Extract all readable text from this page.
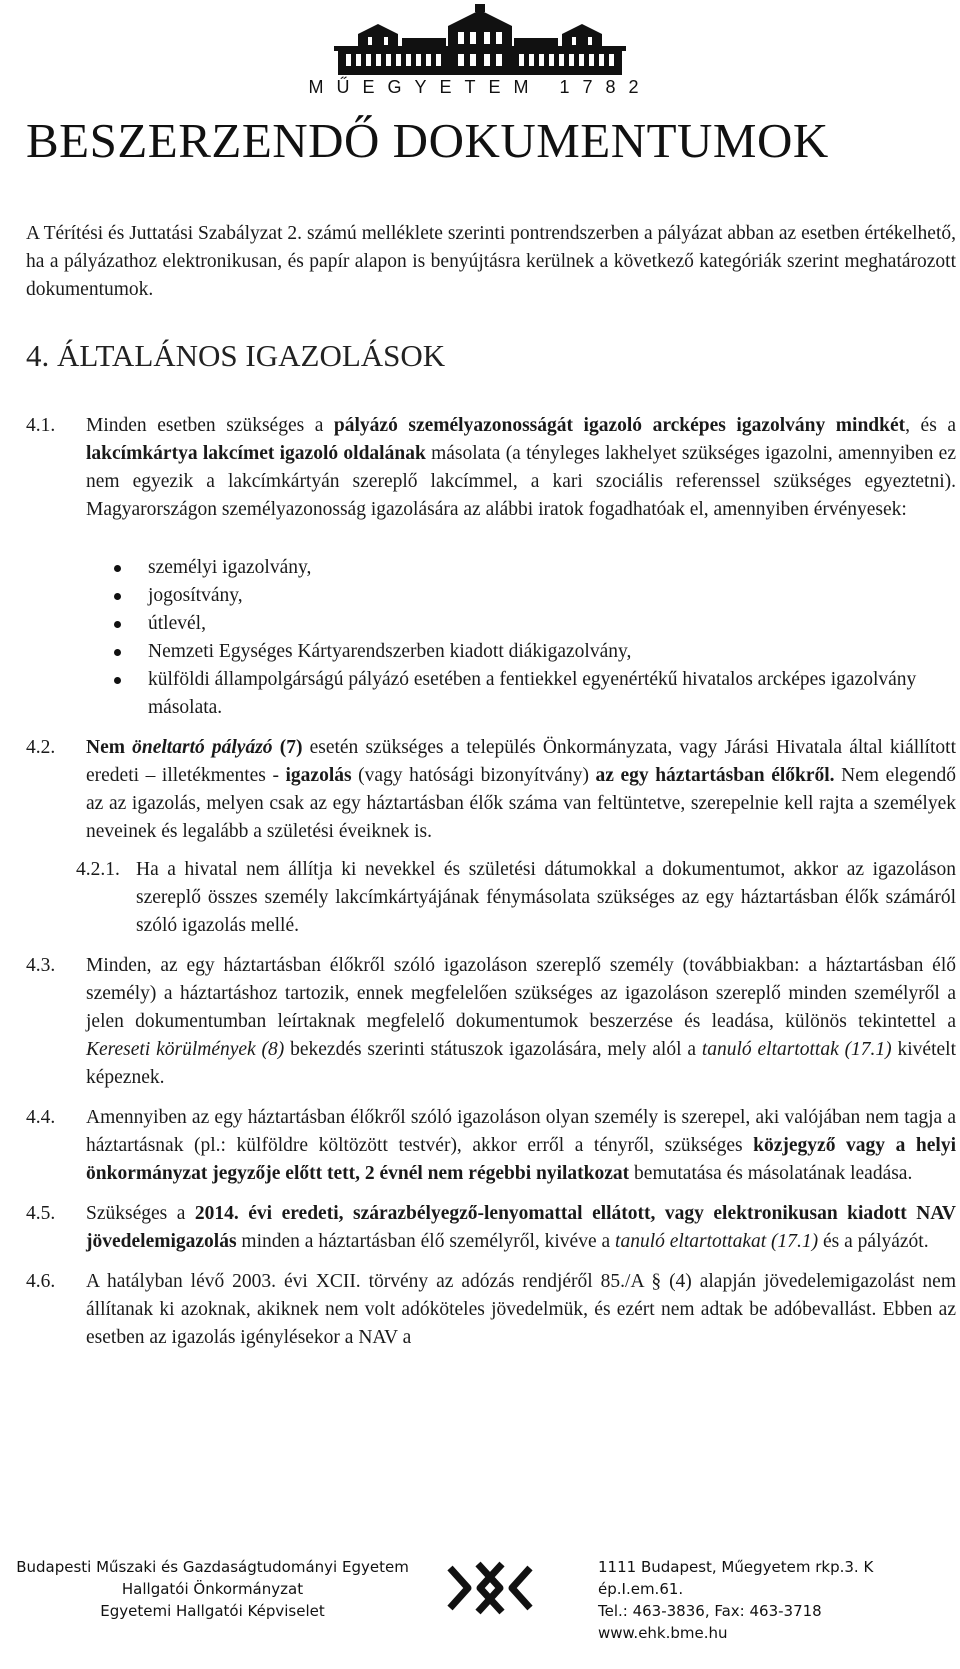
MŰEGYETEM 1782
BESZERZENDŐ DOKUMENTUMOK

A Térítési és Juttatási Szabályzat 2. számú melléklete szerinti pontrendszerben a pályázat abban az esetben értékelhető, ha a pályázathoz elektronikusan, és papír alapon is benyújtásra kerülnek a következő kategóriák szerint meghatározott dokumentumok.

4. ÁLTALÁNOS IGAZOLÁSOK
4.1.	Minden esetben szükséges a pályázó személyazonosságát igazoló arcképes igazolvány mindkét, és a lakcímkártya lakcímet igazoló oldalának másolata (a tényleges lakhelyet szükséges igazolni, amennyiben ez nem egyezik a lakcímkártyán szereplő lakcímmel, a kari szociális referenssel szükséges egyeztetni). Magyarországon személyazonosság igazolására az alábbi iratok fogadhatóak el, amennyiben érvényesek:
személyi igazolvány,
jogosítvány,
útlevél,
Nemzeti Egységes Kártyarendszerben kiadott diákigazolvány,
külföldi állampolgárságú pályázó esetében a fentiekkel egyenértékű hivatalos arcképes igazolvány másolata.
4.2.	Nem öneltartó pályázó (7) esetén szükséges a település Önkormányzata, vagy Járási Hivatala által kiállított eredeti – illetékmentes - igazolás (vagy hatósági bizonyítvány) az egy háztartásban élőkről. Nem elegendő az az igazolás, melyen csak az egy háztartásban élők száma van feltüntetve, szerepelnie kell rajta a személyek neveinek és legalább a születési éveiknek is.
4.2.1. Ha a hivatal nem állítja ki nevekkel és születési dátumokkal a dokumentumot, akkor az igazoláson szereplő összes személy lakcímkártyájának fénymásolata szükséges az egy háztartásban élők számáról szóló igazolás mellé.
4.3.	Minden, az egy háztartásban élőkről szóló igazoláson szereplő személy (továbbiakban: a háztartásban élő személy) a háztartáshoz tartozik, ennek megfelelően szükséges az igazoláson szereplő minden személyről a jelen dokumentumban leírtaknak megfelelő dokumentumok beszerzése és leadása, különös tekintettel a Kereseti körülmények (8) bekezdés szerinti státuszok igazolására, mely alól a tanuló eltartottak (17.1) kivételt képeznek.
4.4.	Amennyiben az egy háztartásban élőkről szóló igazoláson olyan személy is szerepel, aki valójában nem tagja a háztartásnak (pl.: külföldre költözött testvér), akkor erről a tényről, szükséges közjegyző vagy a helyi önkormányzat jegyzője előtt tett, 2 évnél nem régebbi nyilatkozat bemutatása és másolatának leadása.
4.5.	Szükséges a 2014. évi eredeti, szárazbélyegző-lenyomattal ellátott, vagy elektronikusan kiadott NAV jövedelemigazolás minden a háztartásban élő személyről, kivéve a tanuló eltartottakat (17.1) és a pályázót.
4.6.	A hatályban lévő 2003. évi XCII. törvény az adózás rendjéről 85./A § (4) alapján jövedelemigazolást nem állítanak ki azoknak, akiknek nem volt adóköteles jövedelmük, és ezért nem adtak be adóbevallást. Ebben az esetben az igazolás igénylésekor a NAV a
Budapesti Műszaki és Gazdaságtudományi Egyetem
Hallgatói Önkormányzat
Egyetemi Hallgatói Képviselet
1111 Budapest, Műegyetem rkp.3. K ép.I.em.61.
Tel.: 463-3836, Fax: 463-3718
www.ehk.bme.hu
